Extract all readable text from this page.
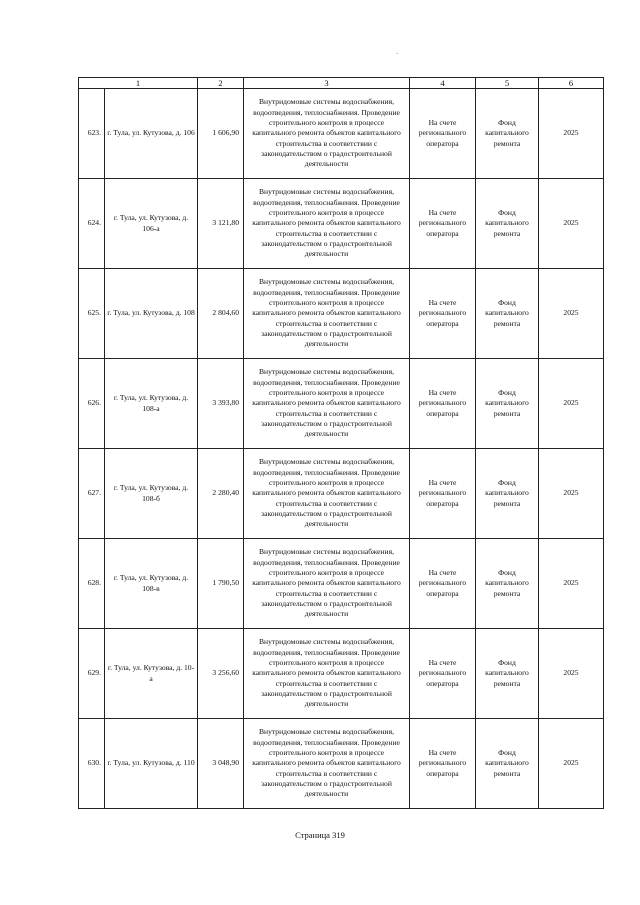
ˊ
1		2	3	4	5	6
623.	г. Тула, ул. Кутузова, д. 106	1 606,90	Внутридомовые системы водоснабжения, водоотведения, теплоснабжения. Проведение строительного контроля в процессе капитального ремонта объектов капитального строительства в соответствии с законодательством о градостроительной деятельности	На счете регионального оператора	Фонд капитального ремонта	2025
624.	г. Тула, ул. Кутузова, д. 106-а	3 121,80	Внутридомовые системы водоснабжения, водоотведения, теплоснабжения. Проведение строительного контроля в процессе капитального ремонта объектов капитального строительства в соответствии с законодательством о градостроительной деятельности	На счете регионального оператора	Фонд капитального ремонта	2025
625.	г. Тула, ул. Кутузова, д. 108	2 804,60	Внутридомовые системы водоснабжения, водоотведения, теплоснабжения. Проведение строительного контроля в процессе капитального ремонта объектов капитального строительства в соответствии с законодательством о градостроительной деятельности	На счете регионального оператора	Фонд капитального ремонта	2025
626.	г. Тула, ул. Кутузова, д. 108-а	3 393,80	Внутридомовые системы водоснабжения, водоотведения, теплоснабжения. Проведение строительного контроля в процессе капитального ремонта объектов капитального строительства в соответствии с законодательством о градостроительной деятельности	На счете регионального оператора	Фонд капитального ремонта	2025
627.	г. Тула, ул. Кутузова, д. 108-б	2 280,40	Внутридомовые системы водоснабжения, водоотведения, теплоснабжения. Проведение строительного контроля в процессе капитального ремонта объектов капитального строительства в соответствии с законодательством о градостроительной деятельности	На счете регионального оператора	Фонд капитального ремонта	2025
628.	г. Тула, ул. Кутузова, д. 108-в	1 790,50	Внутридомовые системы водоснабжения, водоотведения, теплоснабжения. Проведение строительного контроля в процессе капитального ремонта объектов капитального строительства в соответствии с законодательством о градостроительной деятельности	На счете регионального оператора	Фонд капитального ремонта	2025
629.	г. Тула, ул. Кутузова, д. 10-а	3 256,60	Внутридомовые системы водоснабжения, водоотведения, теплоснабжения. Проведение строительного контроля в процессе капитального ремонта объектов капитального строительства в соответствии с законодательством о градостроительной деятельности	На счете регионального оператора	Фонд капитального ремонта	2025
630.	г. Тула, ул. Кутузова, д. 110	3 048,90	Внутридомовые системы водоснабжения, водоотведения, теплоснабжения. Проведение строительного контроля в процессе капитального ремонта объектов капитального строительства в соответствии с законодательством о градостроительной деятельности	На счете регионального оператора	Фонд капитального ремонта	2025
Страница 319
